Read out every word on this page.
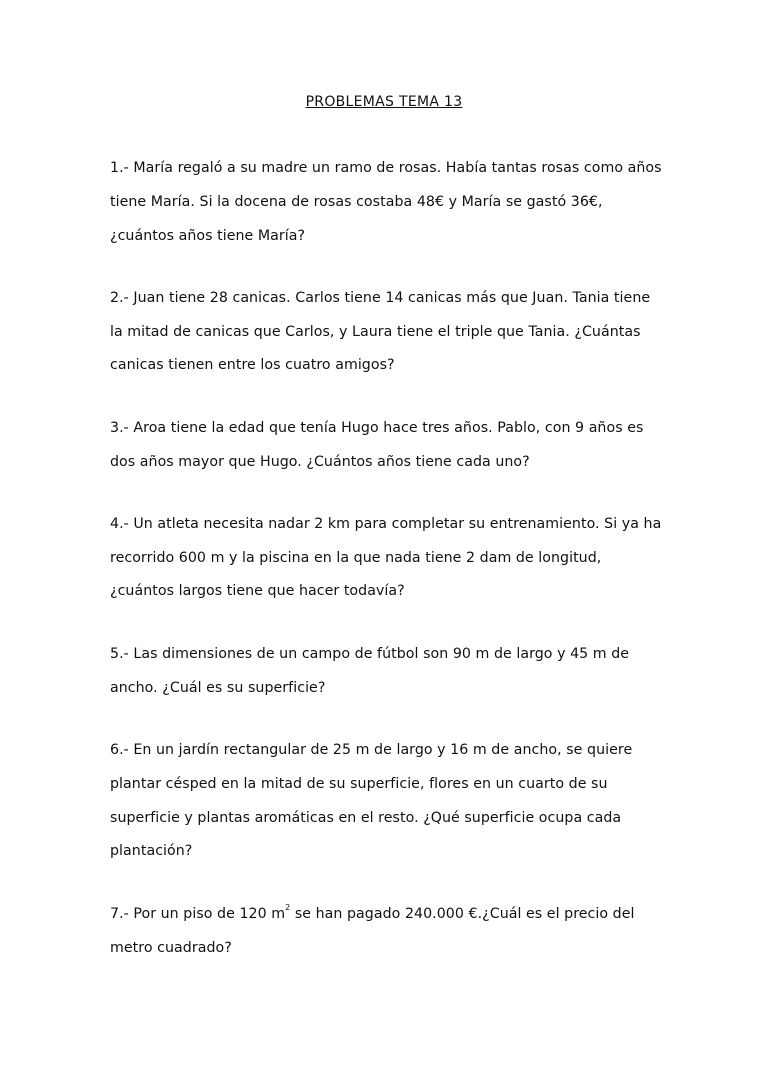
PROBLEMAS TEMA 13
1.- María regaló a su madre un ramo de rosas. Había tantas rosas como años
tiene María. Si la docena de rosas costaba 48€ y María se gastó 36€,
¿cuántos años tiene María?
2.- Juan tiene 28 canicas. Carlos tiene 14 canicas más que Juan. Tania tiene
la mitad de canicas que Carlos, y Laura tiene el triple que Tania. ¿Cuántas
canicas tienen entre los cuatro amigos?
3.- Aroa tiene la edad que tenía Hugo hace tres años. Pablo, con 9 años es
dos años mayor que Hugo. ¿Cuántos años tiene cada uno?
4.- Un atleta necesita nadar 2 km para completar su entrenamiento. Si ya ha
recorrido 600 m y la piscina en la que nada tiene 2 dam de longitud,
¿cuántos largos tiene que hacer todavía?
5.- Las dimensiones de un campo de fútbol son 90 m de largo y 45 m de
ancho. ¿Cuál es su superficie?
6.- En un jardín rectangular de 25 m de largo y 16 m de ancho, se quiere
plantar césped en la mitad de su superficie, flores en un cuarto de su
superficie y plantas aromáticas en el resto. ¿Qué superficie ocupa cada
plantación?
7.- Por un piso de 120 $m^2$ se han pagado 240.000 €.¿Cuál es el precio del
metro cuadrado?
